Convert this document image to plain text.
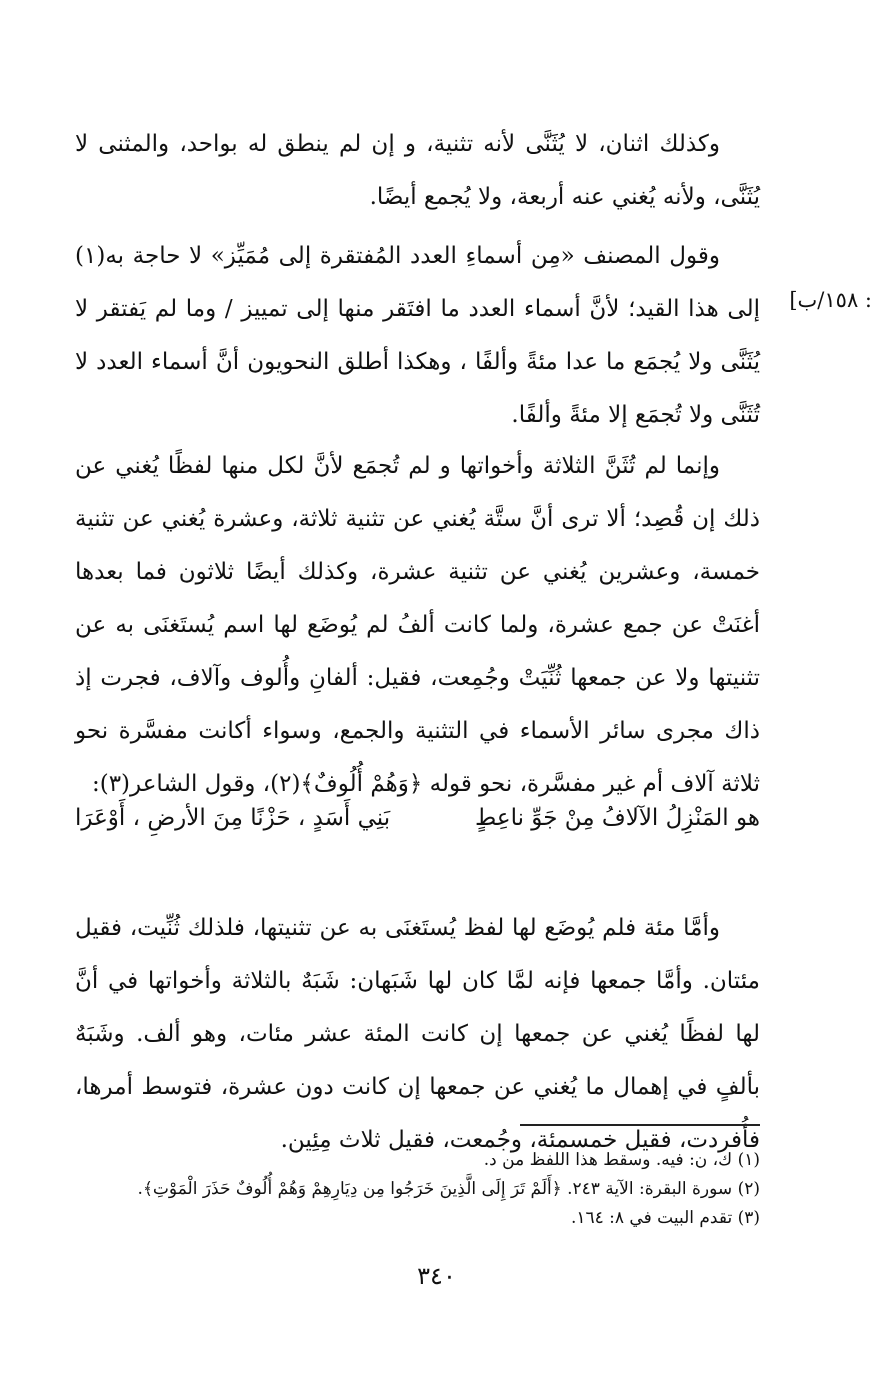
: ١٥٨/ب]

وكذلك اثنان، لا يُثَنَّى لأنه تثنية، و إن لم ينطق له بواحد، والمثنى لا يُثَنَّى، ولأنه يُغني عنه أربعة، ولا يُجمع أيضًا.

وقول المصنف «مِن أسماءِ العدد المُفتقرة إلى مُمَيِّز» لا حاجة به(١) إلى هذا القيد؛ لأنَّ أسماء العدد ما افتَقر منها إلى تمييز / وما لم يَفتقر لا يُثَنَّى ولا يُجمَع ما عدا مئةً وألفًا ، وهكذا أطلق النحويون أنَّ أسماء العدد لا تُثَنَّى ولا تُجمَع إلا مئةً وألفًا.

وإنما لم تُثَنَّ الثلاثة وأخواتها و لم تُجمَع لأنَّ لكل منها لفظًا يُغني عن ذلك إن قُصِد؛ ألا ترى أنَّ ستَّة يُغني عن تثنية ثلاثة، وعشرة يُغني عن تثنية خمسة، وعشرين يُغني عن تثنية عشرة، وكذلك أيضًا ثلاثون فما بعدها أغنَتْ عن جمع عشرة، ولما كانت ألفُ لم يُوضَع لها اسم يُستَغنَى به عن تثنيتها ولا عن جمعها ثُنِّيَتْ وجُمِعت، فقيل: ألفانِ وأُلوف وآلاف، فجرت إذ ذاك مجرى سائر الأسماء في التثنية والجمع، وسواء أكانت مفسَّرة نحو ثلاثة آلاف أم غير مفسَّرة، نحو قوله ﴿وَهُمْ أُلُوفٌ﴾(٢)، وقول الشاعر(٣):

هو المَنْزِلُ الآلافُ مِنْ جَوِّ ناعِطٍ
بَنِي أَسَدٍ ، حَزْنًا مِنَ الأرضِ ، أَوْعَرَا

وأمَّا مئة فلم يُوضَع لها لفظ يُستَغنَى به عن تثنيتها، فلذلك ثُنِّيت، فقيل مئتان. وأمَّا جمعها فإنه لمَّا كان لها شَبَهان: شَبَهٌ بالثلاثة وأخواتها في أنَّ لها لفظًا يُغني عن جمعها إن كانت المئة عشر مئات، وهو ألف. وشَبَهٌ بألفٍ في إهمال ما يُغني عن جمعها إن كانت دون عشرة، فتوسط أمرها، فأُفردت، فقيل خمسمئة، وجُمعت، فقيل ثلاث مِئِين.

(١) ك، ن: فيه. وسقط هذا اللفظ من د.
(٢) سورة البقرة: الآية ٢٤٣. ﴿أَلَمْ تَرَ إِلَى الَّذِينَ خَرَجُوا مِن دِيَارِهِمْ وَهُمْ أُلُوفٌ حَذَرَ الْمَوْتِ﴾.
(٣) تقدم البيت في ٨: ١٦٤.
٣٤٠
